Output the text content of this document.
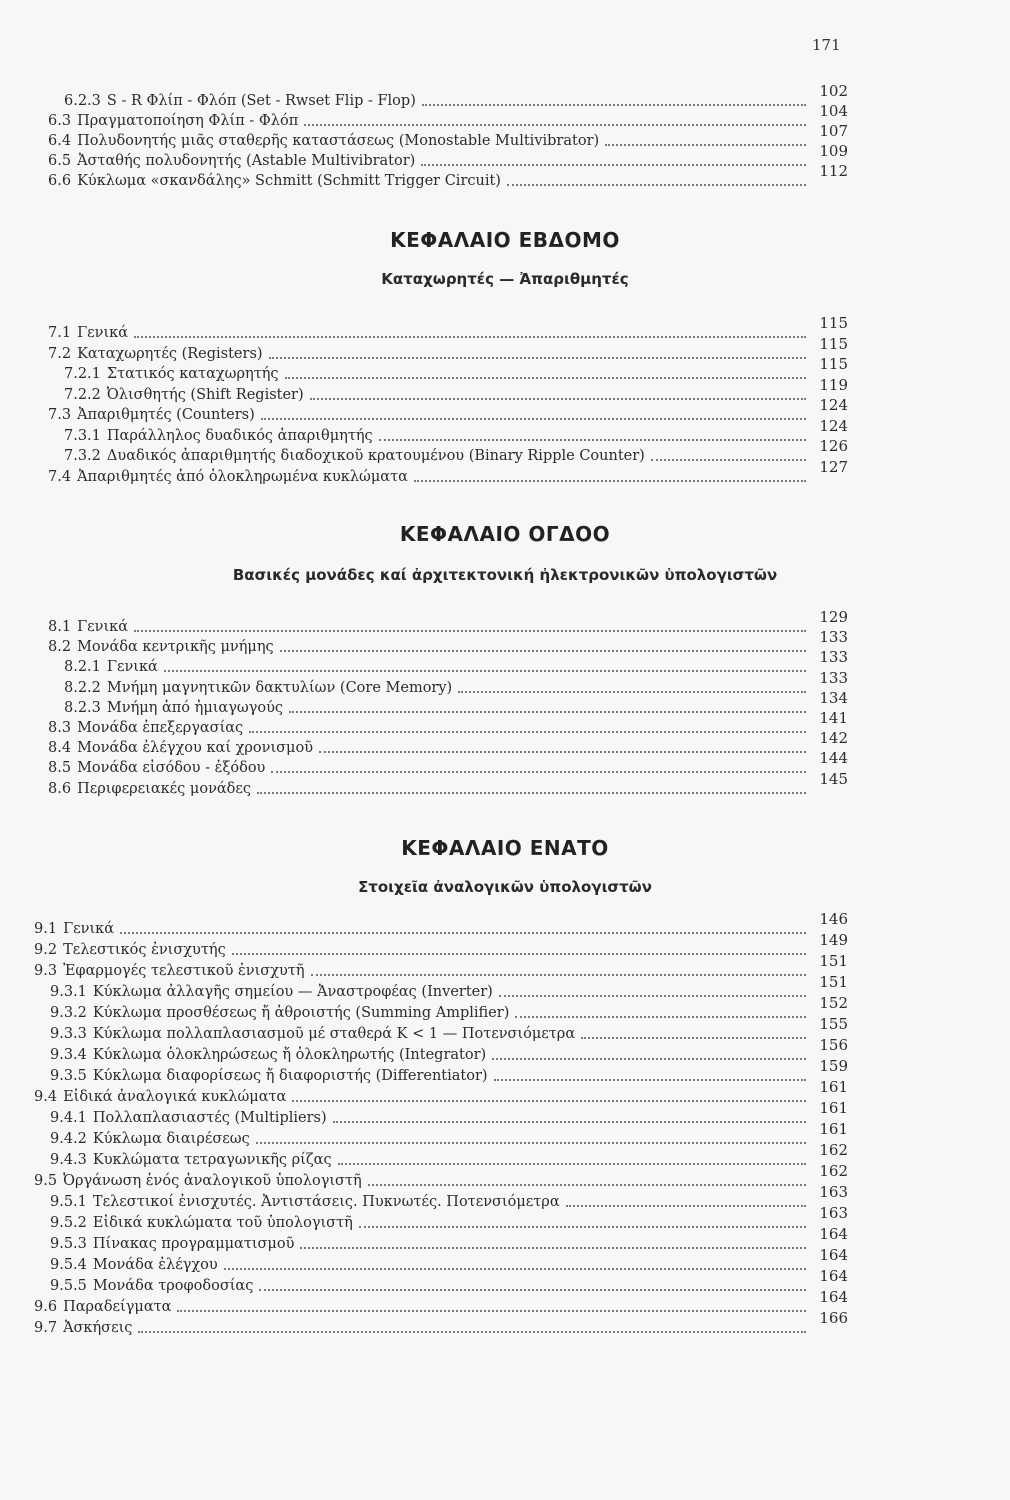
171
6.2.3 S - R Φλίπ - Φλόπ (Set - Rwset Flip - Flop)
102
6.3 Πραγματοποίηση Φλίπ - Φλόπ
104
6.4 Πολυδονητής μιᾶς σταθερῆς καταστάσεως (Monostable Multivibrator)
107
6.5 Ἀσταθής πολυδονητής (Astable Multivibrator)
109
6.6 Κύκλωμα «σκανδάλης» Schmitt (Schmitt Trigger Circuit)
112
ΚΕΦΑΛΑΙΟ ΕΒΔΟΜΟ
Καταχωρητές — Ἀπαριθμητές
7.1 Γενικά
115
7.2 Καταχωρητές (Registers)
115
7.2.1 Στατικός καταχωρητής
115
7.2.2 Ὀλισθητής (Shift Register)
119
7.3 Ἀπαριθμητές (Counters)
124
7.3.1 Παράλληλος δυαδικός ἀπαριθμητής
124
7.3.2 Δυαδικός ἀπαριθμητής διαδοχικοῦ κρατουμένου (Binary Ripple Counter)
126
7.4 Ἀπαριθμητές ἀπό ὁλοκληρωμένα κυκλώματα
127
ΚΕΦΑΛΑΙΟ ΟΓΔΟΟ
Βασικές μονάδες καί ἀρχιτεκτονική ἠλεκτρονικῶν ὑπολογιστῶν
8.1 Γενικά
129
8.2 Μονάδα κεντρικῆς μνήμης
133
8.2.1 Γενικά
133
8.2.2 Μνήμη μαγνητικῶν δακτυλίων (Core Memory)
133
8.2.3 Μνήμη ἀπό ἡμιαγωγούς
134
8.3 Μονάδα ἐπεξεργασίας
141
8.4 Μονάδα ἐλέγχου καί χρονισμοῦ
142
8.5 Μονάδα εἰσόδου - ἐξόδου
144
8.6 Περιφερειακές μονάδες
145
ΚΕΦΑΛΑΙΟ ΕΝΑΤΟ
Στοιχεῖα ἀναλογικῶν ὑπολογιστῶν
9.1 Γενικά
146
9.2 Τελεστικός ἐνισχυτής
149
9.3 Ἐφαρμογές τελεστικοῦ ἐνισχυτῆ
151
9.3.1 Κύκλωμα ἀλλαγῆς σημείου — Ἀναστροφέας (Inverter)
151
9.3.2 Κύκλωμα προσθέσεως ἤ ἀθροιστής (Summing Amplifier)
152
9.3.3 Κύκλωμα πολλαπλασιασμοῦ μέ σταθερά K < 1 — Ποτενσιόμετρα
155
9.3.4 Κύκλωμα ὁλοκληρώσεως ἤ ὁλοκληρωτής (Integrator)
156
9.3.5 Κύκλωμα διαφορίσεως ἤ διαφοριστής (Differentiator)
159
9.4 Εἰδικά ἀναλογικά κυκλώματα
161
9.4.1 Πολλαπλασιαστές (Multipliers)
161
9.4.2 Κύκλωμα διαιρέσεως
161
9.4.3 Κυκλώματα τετραγωνικῆς ρίζας
162
9.5 Ὀργάνωση ἑνός ἀναλογικοῦ ὑπολογιστῆ
162
9.5.1 Τελεστικοί ἐνισχυτές. Ἀντιστάσεις. Πυκνωτές. Ποτενσιόμετρα
163
9.5.2 Εἰδικά κυκλώματα τοῦ ὑπολογιστῆ
163
9.5.3 Πίνακας προγραμματισμοῦ
164
9.5.4 Μονάδα ἐλέγχου
164
9.5.5 Μονάδα τροφοδοσίας
164
9.6 Παραδείγματα
164
9.7 Ἀσκήσεις
166
